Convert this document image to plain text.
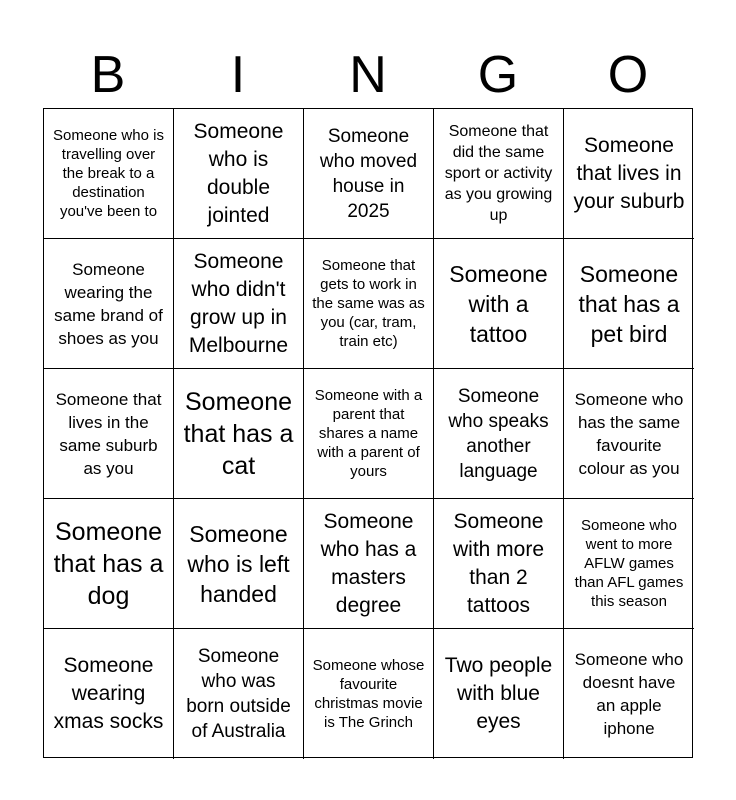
B	I	N	G	O
Someone who is travelling over the break to a destination you've been to
Someone who is double jointed
Someone who moved house in 2025
Someone that did the same sport or activity as you growing up
Someone that lives in your suburb
Someone wearing the same brand of shoes as you
Someone who didn't grow up in Melbourne
Someone that gets to work in the same was as you (car, tram, train etc)
Someone with a tattoo
Someone that has a pet bird
Someone that lives in the same suburb as you
Someone that has a cat
Someone with a parent that shares a name with a parent of yours
Someone who speaks another language
Someone who has the same favourite colour as you
Someone that has a dog
Someone who is left handed
Someone who has a masters degree
Someone with more than 2 tattoos
Someone who went to more AFLW games than AFL games this season
Someone wearing xmas socks
Someone who was born outside of Australia
Someone whose favourite christmas movie is The Grinch
Two people with blue eyes
Someone who doesnt have an apple iphone
